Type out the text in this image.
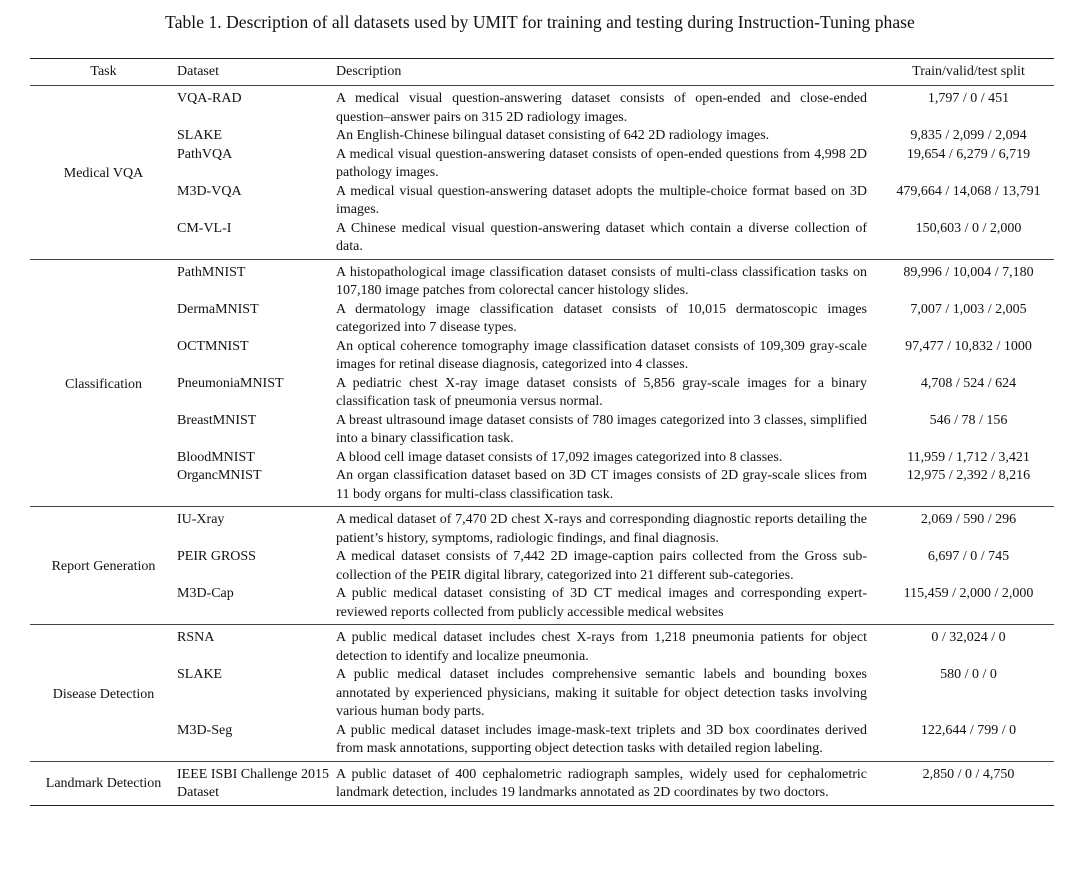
Table 1. Description of all datasets used by UMIT for training and testing during Instruction-Tuning phase
Task	Dataset	Description	Train/valid/test split
Medical VQA	VQA-RAD	A medical visual question-answering dataset consists of open-ended and close-ended question–answer pairs on 315 2D radiology images.	1,797 / 0 / 451
	SLAKE	An English-Chinese bilingual dataset consisting of 642 2D radiology images.	9,835 / 2,099 / 2,094
	PathVQA	A medical visual question-answering dataset consists of open-ended questions from 4,998 2D pathology images.	19,654 / 6,279 / 6,719
	M3D-VQA	A medical visual question-answering dataset adopts the multiple-choice format based on 3D images.	479,664 / 14,068 / 13,791
	CM-VL-I	A Chinese medical visual question-answering dataset which contain a diverse collection of data.	150,603 / 0 / 2,000
Classification	PathMNIST	A histopathological image classification dataset consists of multi-class classification tasks on 107,180 image patches from colorectal cancer histology slides.	89,996 / 10,004 / 7,180
	DermaMNIST	A dermatology image classification dataset consists of 10,015 dermatoscopic images categorized into 7 disease types.	7,007 / 1,003 / 2,005
	OCTMNIST	An optical coherence tomography image classification dataset consists of 109,309 gray-scale images for retinal disease diagnosis, categorized into 4 classes.	97,477 / 10,832 / 1000
	PneumoniaMNIST	A pediatric chest X-ray image dataset consists of 5,856 gray-scale images for a binary classification task of pneumonia versus normal.	4,708 / 524 / 624
	BreastMNIST	A breast ultrasound image dataset consists of 780 images categorized into 3 classes, simplified into a binary classification task.	546 / 78 / 156
	BloodMNIST	A blood cell image dataset consists of 17,092 images categorized into 8 classes.	11,959 / 1,712 / 3,421
	OrgancMNIST	An organ classification dataset based on 3D CT images consists of 2D gray-scale slices from 11 body organs for multi-class classification task.	12,975 / 2,392 / 8,216
Report Generation	IU-Xray	A medical dataset of 7,470 2D chest X-rays and corresponding diagnostic reports detailing the patient’s history, symptoms, radiologic findings, and final diagnosis.	2,069 / 590 / 296
	PEIR GROSS	A medical dataset consists of 7,442 2D image-caption pairs collected from the Gross sub-collection of the PEIR digital library, categorized into 21 different sub-categories.	6,697 / 0 / 745
	M3D-Cap	A public medical dataset consisting of 3D CT medical images and corresponding expert-reviewed reports collected from publicly accessible medical websites	115,459 / 2,000 / 2,000
Disease Detection	RSNA	A public medical dataset includes chest X-rays from 1,218 pneumonia patients for object detection to identify and localize pneumonia.	0 / 32,024 / 0
	SLAKE	A public medical dataset includes comprehensive semantic labels and bounding boxes annotated by experienced physicians, making it suitable for object detection tasks involving various human body parts.	580 / 0 / 0
	M3D-Seg	A public medical dataset includes image-mask-text triplets and 3D box coordinates derived from mask annotations, supporting object detection tasks with detailed region labeling.	122,644 / 799 / 0
Landmark Detection	IEEE ISBI Challenge 2015 Dataset	A public dataset of 400 cephalometric radiograph samples, widely used for cephalometric landmark detection, includes 19 landmarks annotated as 2D coordinates by two doctors.	2,850 / 0 / 4,750
